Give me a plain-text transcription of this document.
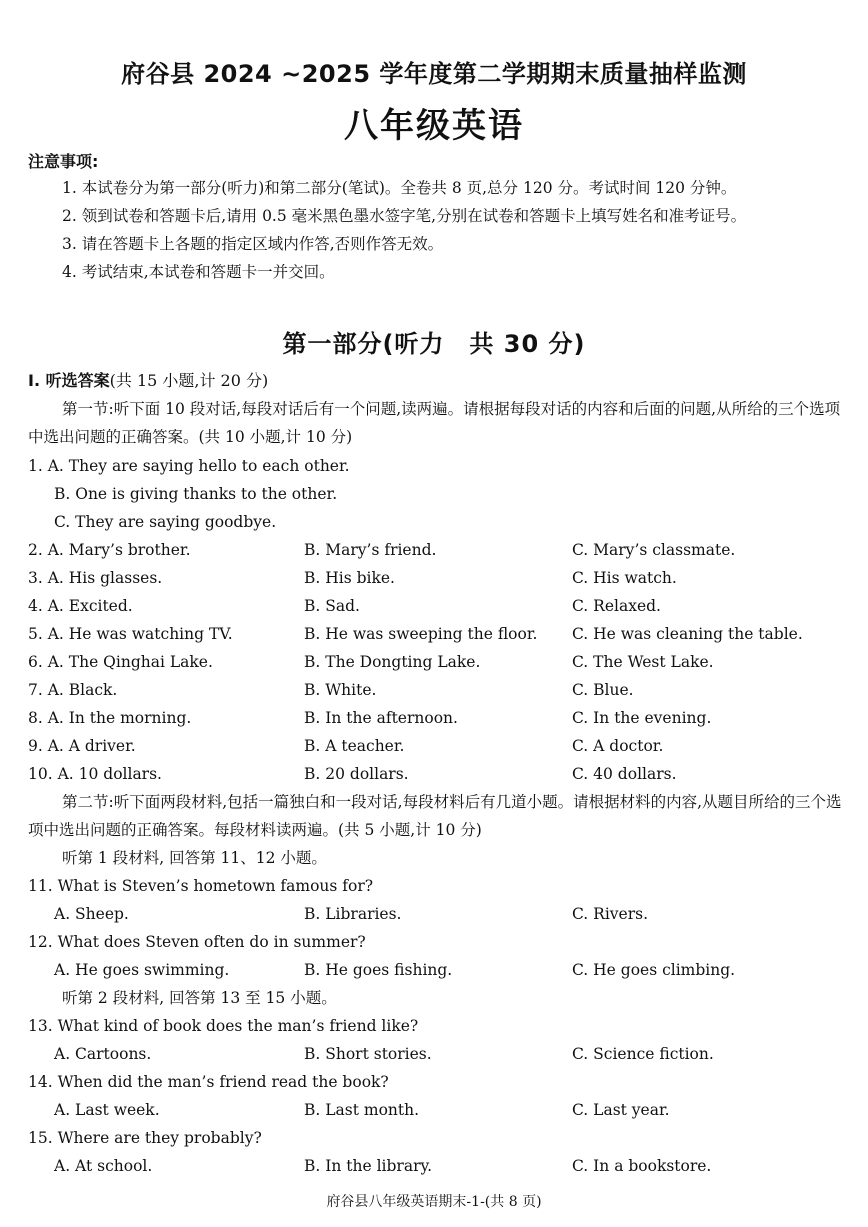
府谷县 2024 ~2025 学年度第二学期期末质量抽样监测
八年级英语
注意事项:

1. 本试卷分为第一部分(听力)和第二部分(笔试)。全卷共 8 页,总分 120 分。考试时间 120 分钟。

2. 领到试卷和答题卡后,请用 0.5 毫米黑色墨水签字笔,分别在试卷和答题卡上填写姓名和准考证号。

3. 请在答题卡上各题的指定区域内作答,否则作答无效。

4. 考试结束,本试卷和答题卡一并交回。

第一部分(听力　共 30 分)
Ⅰ. 听选答案(共 15 小题,计 20 分)

第一节:听下面 10 段对话,每段对话后有一个问题,读两遍。请根据每段对话的内容和后面的问题,从所给的三个选项中选出问题的正确答案。(共 10 小题,计 10 分)

1. A. They are saying hello to each other.
B. One is giving thanks to the other.
C. They are saying goodbye.
2. A. Mary’s brother.	B. Mary’s friend.	C. Mary’s classmate.
3. A. His glasses.	B. His bike.	C. His watch.
4. A. Excited.	B. Sad.	C. Relaxed.
5. A. He was watching TV.	B. He was sweeping the floor. C. He was cleaning the table.
6. A. The Qinghai Lake.	B. The Dongting Lake.	C. The West Lake.
7. A. Black.	B. White.	C. Blue.
8. A. In the morning.	B. In the afternoon.	C. In the evening.
9. A. A driver.	B. A teacher.	C. A doctor.
10. A. 10 dollars.	B. 20 dollars.	C. 40 dollars.

第二节:听下面两段材料,包括一篇独白和一段对话,每段材料后有几道小题。请根据材料的内容,从题目所给的三个选项中选出问题的正确答案。每段材料读两遍。(共 5 小题,计 10 分)

听第 1 段材料, 回答第 11、12 小题。
11. What is Steven’s hometown famous for?
A. Sheep.	B. Libraries.	C. Rivers.
12. What does Steven often do in summer?
A. He goes swimming.	B. He goes fishing.	C. He goes climbing.
听第 2 段材料, 回答第 13 至 15 小题。
13. What kind of book does the man’s friend like?
A. Cartoons.	B. Short stories.	C. Science fiction.
14. When did the man’s friend read the book?
A. Last week.	B. Last month.	C. Last year.
15. Where are they probably?
A. At school.	B. In the library.	C. In a bookstore.
府谷县八年级英语期末-1-(共 8 页)
